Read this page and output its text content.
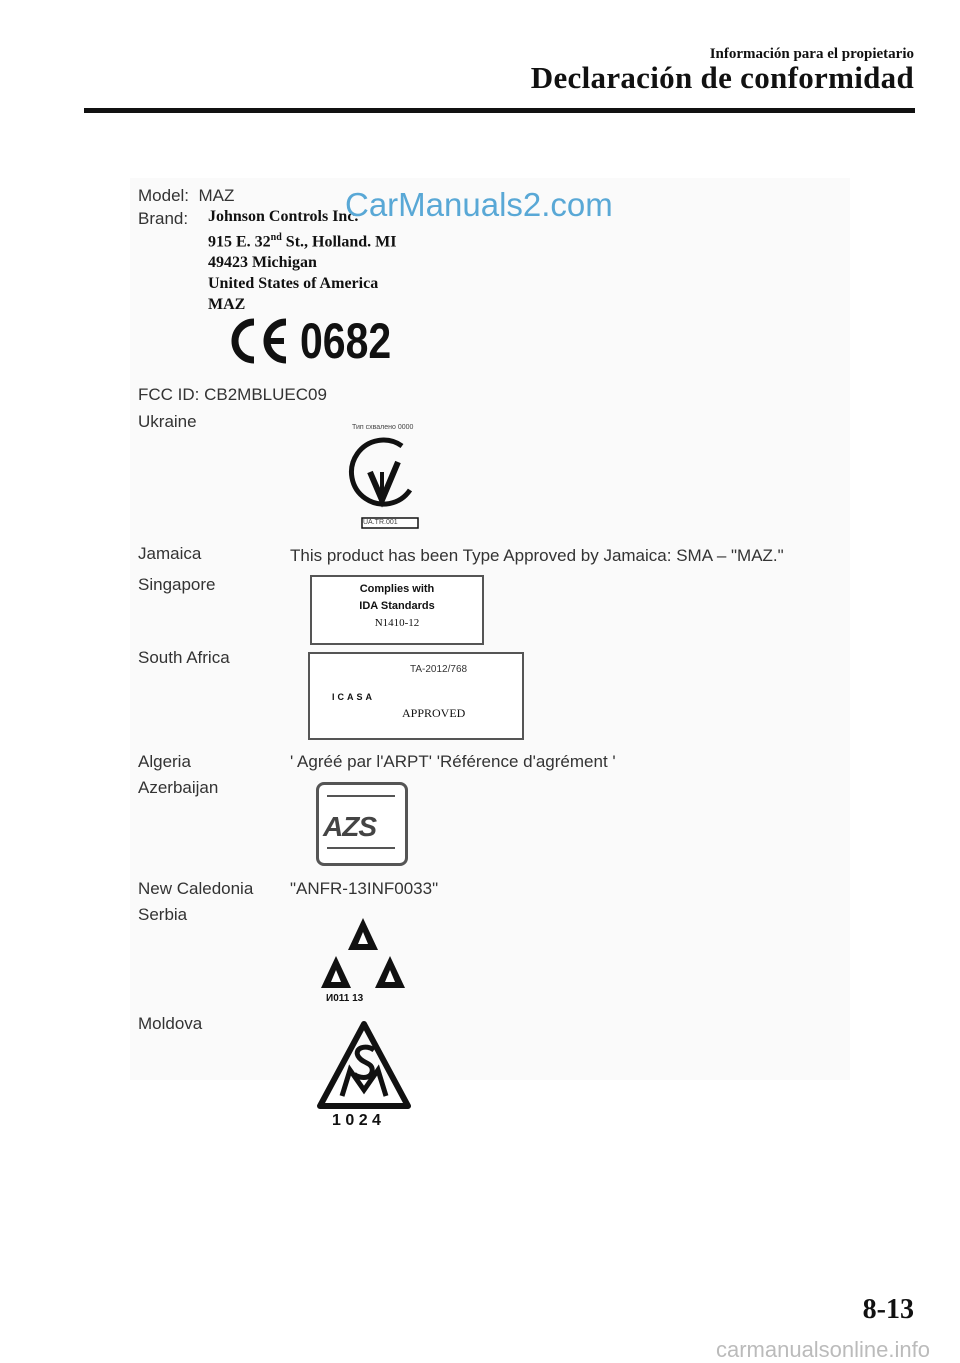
Información para el propietario
Declaración de conformidad
Model: MAZ
Brand: Johnson Controls Inc.
915 E. 32nd St., Holland. MI
49423 Michigan
United States of America
MAZ
CarManuals2.com
0682
FCC ID: CB2MBLUEC09
Ukraine	Тип схвалено 0000
UA.TR.001
Jamaica	This product has been Type Approved by Jamaica: SMA – "MAZ."
Singapore	Complies with
IDA Standards
N1410-12
South Africa
TA-2012/768
ICASA
APPROVED
Algeria	' Agréé par l'ARPT' 'Référence d'agrément '
Azerbaijan
AZS
New Caledonia "ANFR-13INF0033"
Serbia
И011 13
Moldova
1 0 2 4
8-13
carmanualsonline.info
